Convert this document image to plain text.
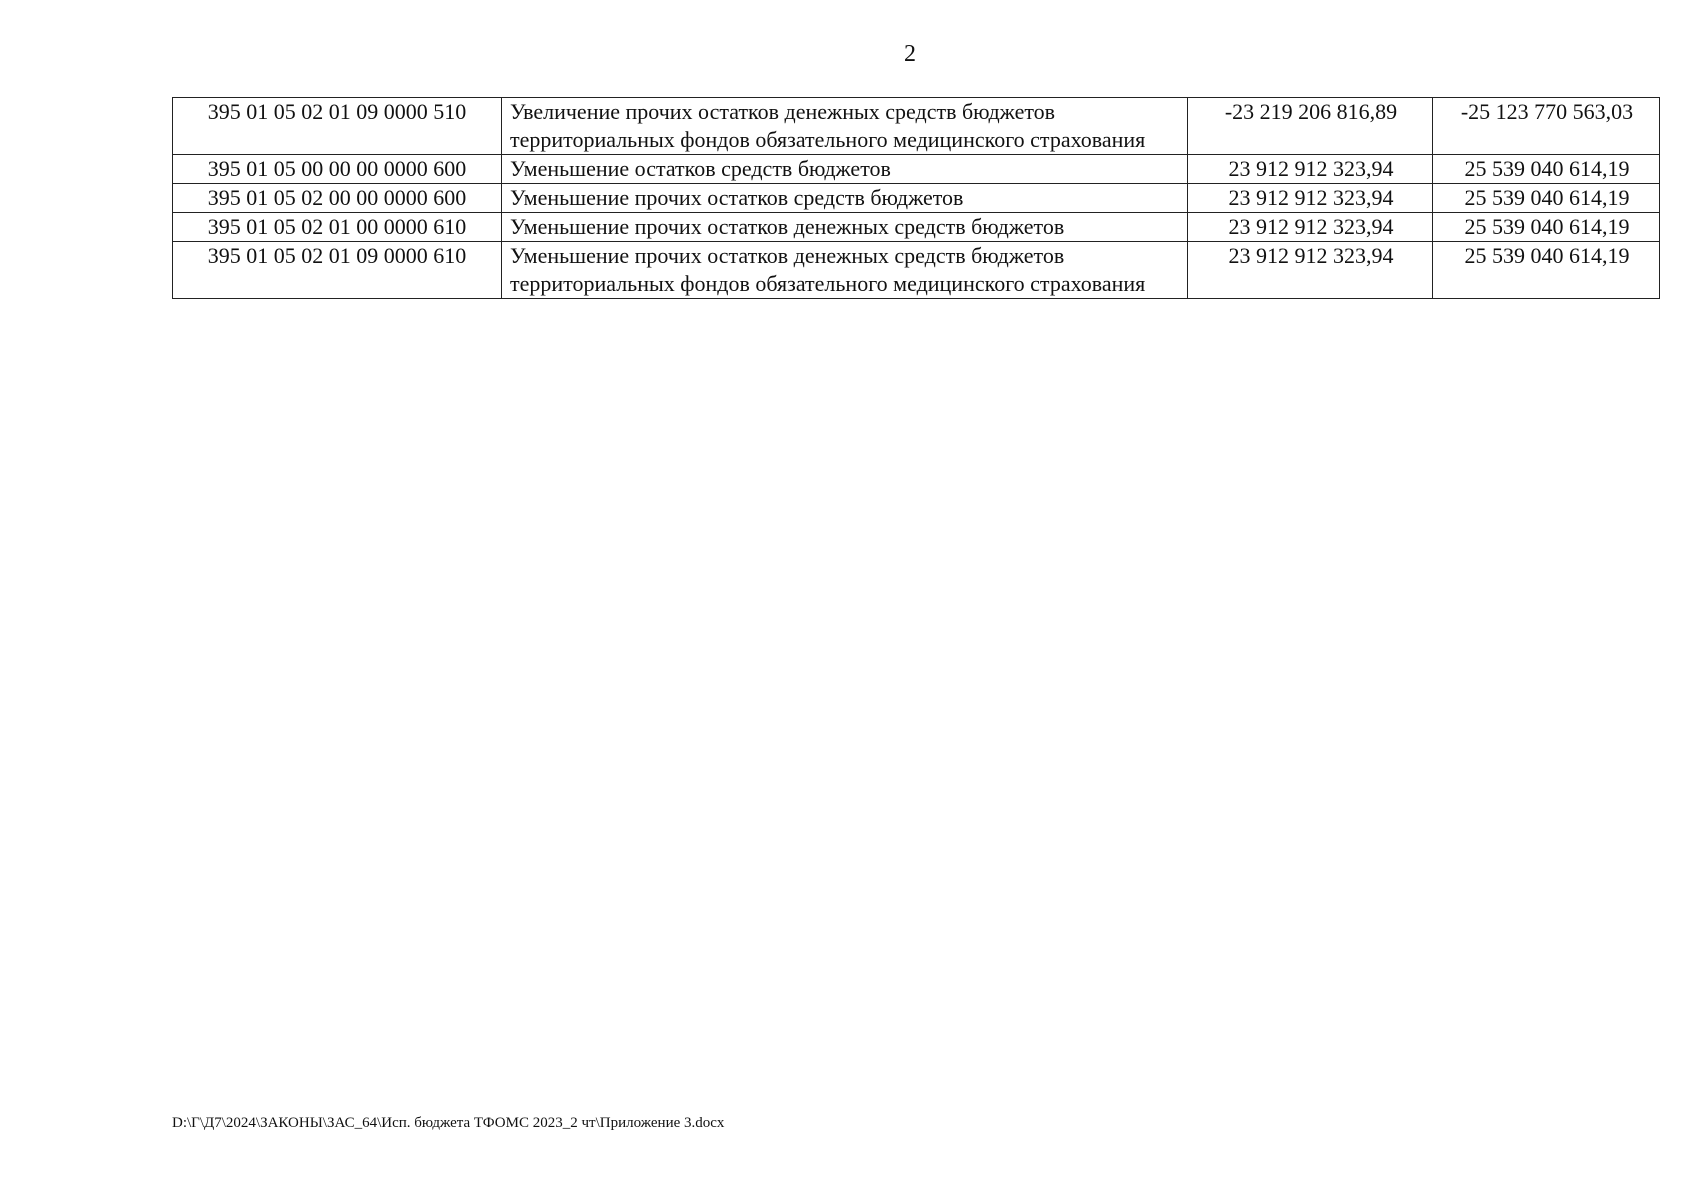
2
395 01 05 02 01 09 0000 510	Увеличение прочих остатков денежных средств бюджетов территориальных фондов обязательного медицинского страхования	-23 219 206 816,89	-25 123 770 563,03
395 01 05 00 00 00 0000 600	Уменьшение остатков средств бюджетов	23 912 912 323,94	25 539 040 614,19
395 01 05 02 00 00 0000 600	Уменьшение прочих остатков средств бюджетов	23 912 912 323,94	25 539 040 614,19
395 01 05 02 01 00 0000 610	Уменьшение прочих остатков денежных средств бюджетов	23 912 912 323,94	25 539 040 614,19
395 01 05 02 01 09 0000 610	Уменьшение прочих остатков денежных средств бюджетов территориальных фондов обязательного медицинского страхования	23 912 912 323,94	25 539 040 614,19
D:\Г\Д7\2024\ЗАКОНЫ\ЗАС_64\Исп. бюджета ТФОМС 2023_2 чт\Приложение 3.docx
